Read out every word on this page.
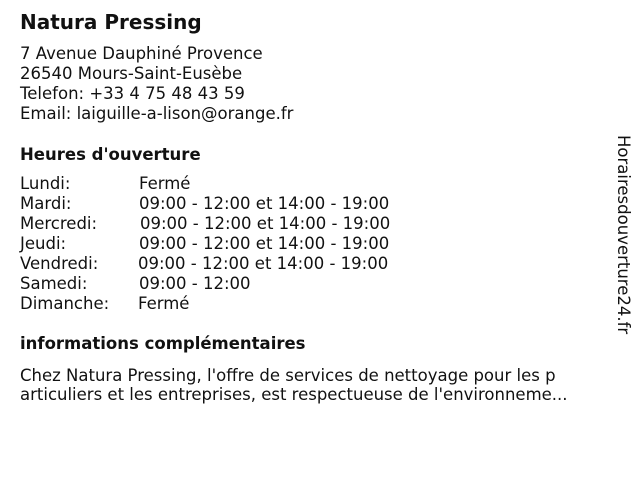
Natura Pressing
7 Avenue Dauphiné Provence
26540 Mours-Saint-Eusèbe
Telefon: +33 4 75 48 43 59
Email: laiguille-a-lison@orange.fr
Heures d'ouverture
Lundi:	Fermé
Mardi:	09:00 - 12:00 et 14:00 - 19:00
Mercredi:	09:00 - 12:00 et 14:00 - 19:00
Jeudi:	09:00 - 12:00 et 14:00 - 19:00
Vendredi: 09:00 - 12:00 et 14:00 - 19:00
Samedi:	09:00 - 12:00
Dimanche: Fermé
informations complémentaires
Chez Natura Pressing, l'offre de services de nettoyage pour les p
articuliers et les entreprises, est respectueuse de l'environneme...
Horairesdouverture24.fr
